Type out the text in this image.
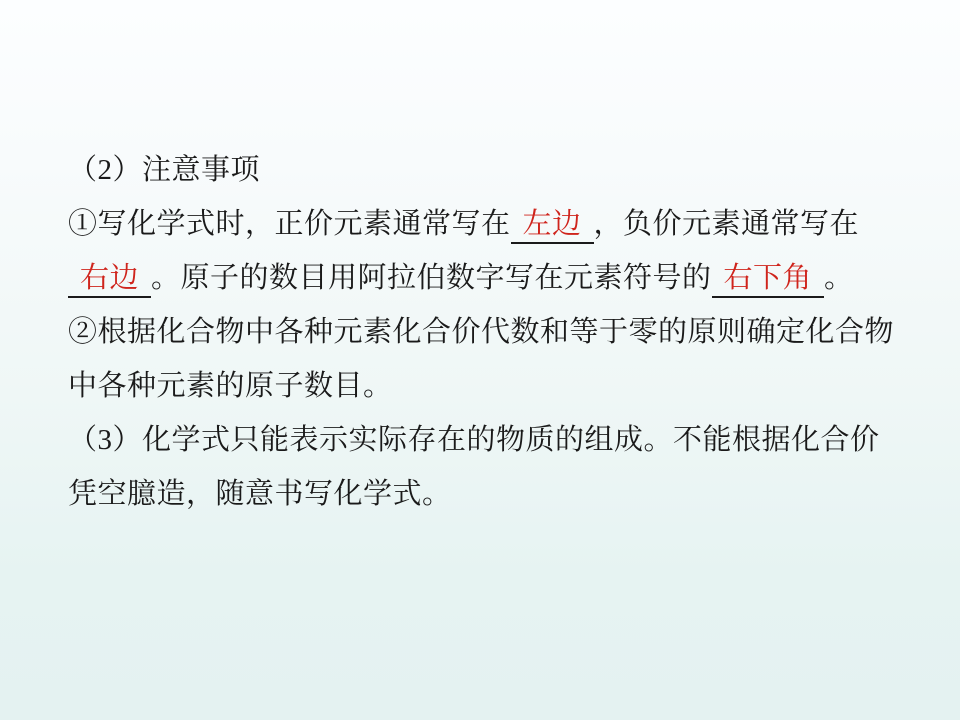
（2）注意事项
①写化学式时，正价元素通常写在 左边 ，负价元素通常写在
右边 。原子的数目用阿拉伯数字写在元素符号的 右下角 。
②根据化合物中各种元素化合价代数和等于零的原则确定化合物
中各种元素的原子数目。
（3）化学式只能表示实际存在的物质的组成。不能根据化合价
凭空臆造，随意书写化学式。
